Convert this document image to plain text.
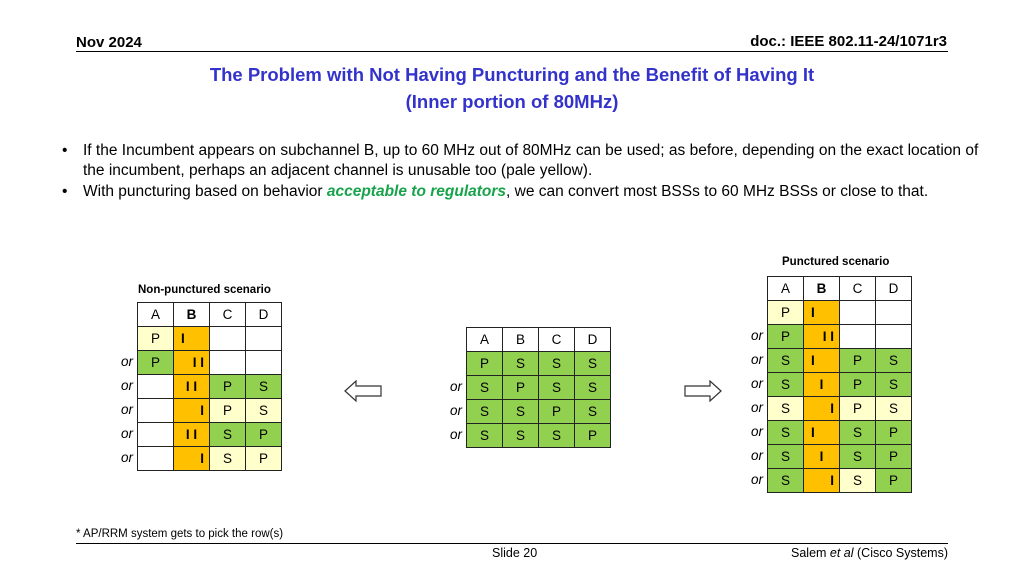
Nov 2024	doc.: IEEE 802.11-24/1071r3
The Problem with Not Having Puncturing and the Benefit of Having It
(Inner portion of 80MHz)
• If the Incumbent appears on subchannel B, up to 60 MHz out of 80MHz can be used; as before, depending on the exact location of the incumbent, perhaps an adjacent channel is unusable too (pale yellow).
• With puncturing based on behavior acceptable to regulators, we can convert most BSSs to 60 MHz BSSs or close to that.
Non-punctured scenario
or
or
or
or
or
A	B	C	D
P	I		
P	I I		
	I I	P	S
	I	P	S
	I I	S	P
	I	S	P
or
or
or
A	B	C	D
P	S	S	S
S	P	S	S
S	S	P	S
S	S	S	P
Punctured scenario
or
or
or
or
or
or
or
A	B	C	D
P	I		
P	I I		
S	I	P	S
S	I	P	S
S	I	P	S
S	I	S	P
S	I	S	P
S	I	S	P
* AP/RRM system gets to pick the row(s)
Slide 20	Salem et al (Cisco Systems)
